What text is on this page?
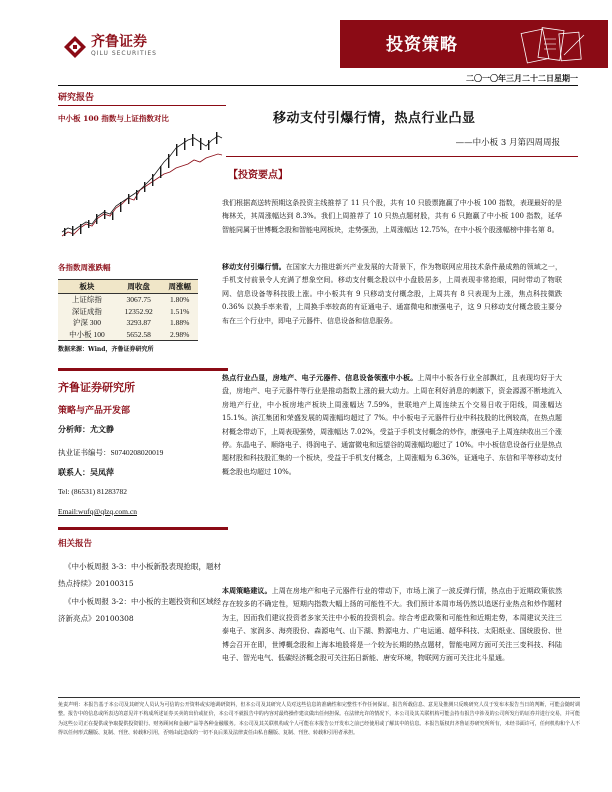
齐鲁证券
QILU SECURITIES	投资策略
二〇一〇年三月二十二日星期一
研究报告
中小板 100 指数与上证指数对比
各指数周涨跌幅
板块	周收盘	周涨幅
上证综指	3067.75	1.80%
深证成指	12352.92	1.51%
沪深 300	3293.87	1.88%
中小板 100	5652.58	2.98%
数据来源：Wind，齐鲁证券研究所
齐鲁证券研究所
策略与产品开发部
分析师：尤文静
执业证书编号：S0740208020019
联系人：吴凤萍
Tel: (86531) 81283782
Email:wufq@qlzq.com.cn
相关报告
《中小板周报 3-3：中小板新股表现抢眼，题材热点持续》20100315
《中小板周报 3-2：中小板的主题投资和区域经济新亮点》20100308
移动支付引爆行情，热点行业凸显
——中小板 3 月第四周周报
【投资要点】
我们根据高送转预期这条投资主线推荐了 11 只个股，共有 10 只股票跑赢了中小板 100 指数，表现最好的是梅林关，其周涨幅达到 8.3%。我们上周推荐了 10 只热点题材股，共有 6 只跑赢了中小板 100 指数，延华智能同属于世博概念股和智能电网板块，走势强劲，上周涨幅达 12.75%，在中小板个股涨幅榜中排名第 8。
移动支付引爆行情。在国家大力推进新兴产业发展的大背景下，作为物联网应用技术条件最成熟的领域之一，手机支付前景令人充满了想象空间。移动支付概念股以中小盘股居多，上周表现非常抢眼，同时带动了物联网、信息设备等科技股上涨。中小板共有 9 只移动支付概念股，上周共有 8 只表现为上涨，焦点科技微跌 0.36% 以换手率来看，上周换手率较高的有证通电子、通富微电和康强电子，这 9 只移动支付概念股主要分布在三个行业中，即电子元器件、信息设备和信息服务。
热点行业凸显，房地产、电子元器件、信息设备领涨中小板。上周中小板各行业全部飘红，且表现均好于大盘，房地产、电子元器件等行业是推动指数上涨的最大动力。上周在利好消息的刺激下，资金源源不断地流入房地产行业，中小板房地产板块上周涨幅达 7.59%，世联地产上周连续五个交易日收于阳线，周涨幅达 15.1%。滨江集团和荣盛发展的周涨幅均超过了 7%。中小板电子元器件行业中科技股的比例较高，在热点题材概念带动下，上周表现强势，周涨幅达 7.02%，受益于手机支付概念的炒作，康强电子上周连续收出三个涨停。东晶电子、顺络电子、得润电子、通富微电和远望谷的周涨幅均超过了 10%。中小板信息设备行业是热点题材股和科技股汇集的一个板块，受益于手机支付概念，上周涨幅为 6.36%，证通电子、东信和平等移动支付概念股也均超过 10%。
本周策略建议。上周在房地产和电子元器件行业的带动下，市场上演了一波反弹行情，热点由于近期政策依然存在较多的不确定性，短期内指数大幅上扬的可能性不大。我们预计本周市场仍然以追逐行业热点和炒作题材为主，因而我们建议投资者多家关注中小板的投资机会。综合考虑政策和可能性和近期走势，本周建议关注三泰电子、家润多、海亮股份、森源电气、山下湖、黔源电力、广电运通、超华科技、太阳纸业、国统股份、世博会召开在即，世博概念股和上海本地股将是一个较为长期的热点题材，智能电网方面可关注三变科技、科陆电子、智光电气、低碳经济概念股可关注拓日新能、唐安环境，物联网方面可关注北斗星通。
免责声明：本报告基于本公司及其研究人员认为可信的公开资料或实地调研资料，但本公司及其研究人员对这些信息的准确性和完整性不作任何保证。报告所载信息、意见及推测只反映研究人员于发布本报告当日的判断，可能会随时调整。报告中的信息或所表达的意见并不构成所述证券买卖的出价或征价，本公司不就报告中的内容对最终操作建议做出任何担保。在法律允许的情况下，本公司及其关联机构可能会持有报告中涉及的公司所发行的证券并进行交易，并可能为这些公司正在提供或争取提供投资银行、财务顾问和金融产品等各种金融服务。本公司及其关联机构或个人可能在本报告公开发布之前已经使用或了解其中的信息。本报告版权归齐鲁证券研究所所有，未经书面许可，任何机构和个人不得以任何形式翻版、复制、刊登、转载和引用，否则由此造成的一切不良后果及法律责任由私自翻版、复制、刊登、转载和引用者承担。
